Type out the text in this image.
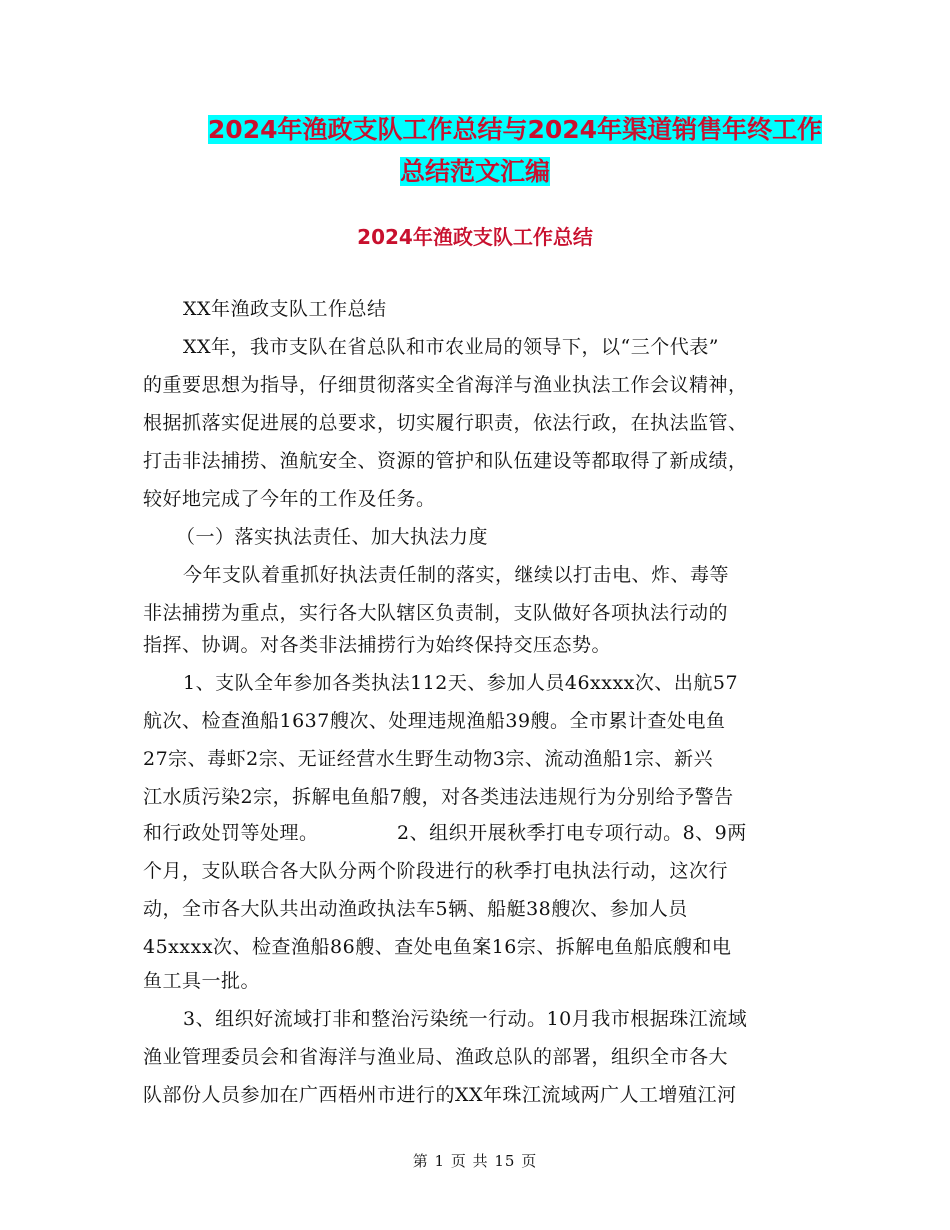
2024年渔政支队工作总结与2024年渠道销售年终工作
总结范文汇编
2024年渔政支队工作总结
XX年渔政支队工作总结
XX年，我市支队在省总队和市农业局的领导下，以“三个代表”
的重要思想为指导，仔细贯彻落实全省海洋与渔业执法工作会议精神，
根据抓落实促进展的总要求，切实履行职责，依法行政，在执法监管、
打击非法捕捞、渔航安全、资源的管护和队伍建设等都取得了新成绩，
较好地完成了今年的工作及任务。
（一）落实执法责任、加大执法力度
今年支队着重抓好执法责任制的落实，继续以打击电、炸、毒等
非法捕捞为重点，实行各大队辖区负责制，支队做好各项执法行动的
指挥、协调。对各类非法捕捞行为始终保持交压态势。
1、支队全年参加各类执法112天、参加人员46xxxx次、出航57
航次、检查渔船1637艘次、处理违规渔船39艘。全市累计查处电鱼
27宗、毒虾2宗、无证经营水生野生动物3宗、流动渔船1宗、新兴
江水质污染2宗，拆解电鱼船7艘，对各类违法违规行为分别给予警告
和行政处罚等处理。            2、组织开展秋季打电专项行动。8、9两
个月，支队联合各大队分两个阶段进行的秋季打电执法行动，这次行
动，全市各大队共出动渔政执法车5辆、船艇38艘次、参加人员
45xxxx次、检查渔船86艘、查处电鱼案16宗、拆解电鱼船底艘和电
鱼工具一批。
3、组织好流域打非和整治污染统一行动。10月我市根据珠江流域
渔业管理委员会和省海洋与渔业局、渔政总队的部署，组织全市各大
队部份人员参加在广西梧州市进行的XX年珠江流域两广人工增殖江河
第 1 页 共 15 页
